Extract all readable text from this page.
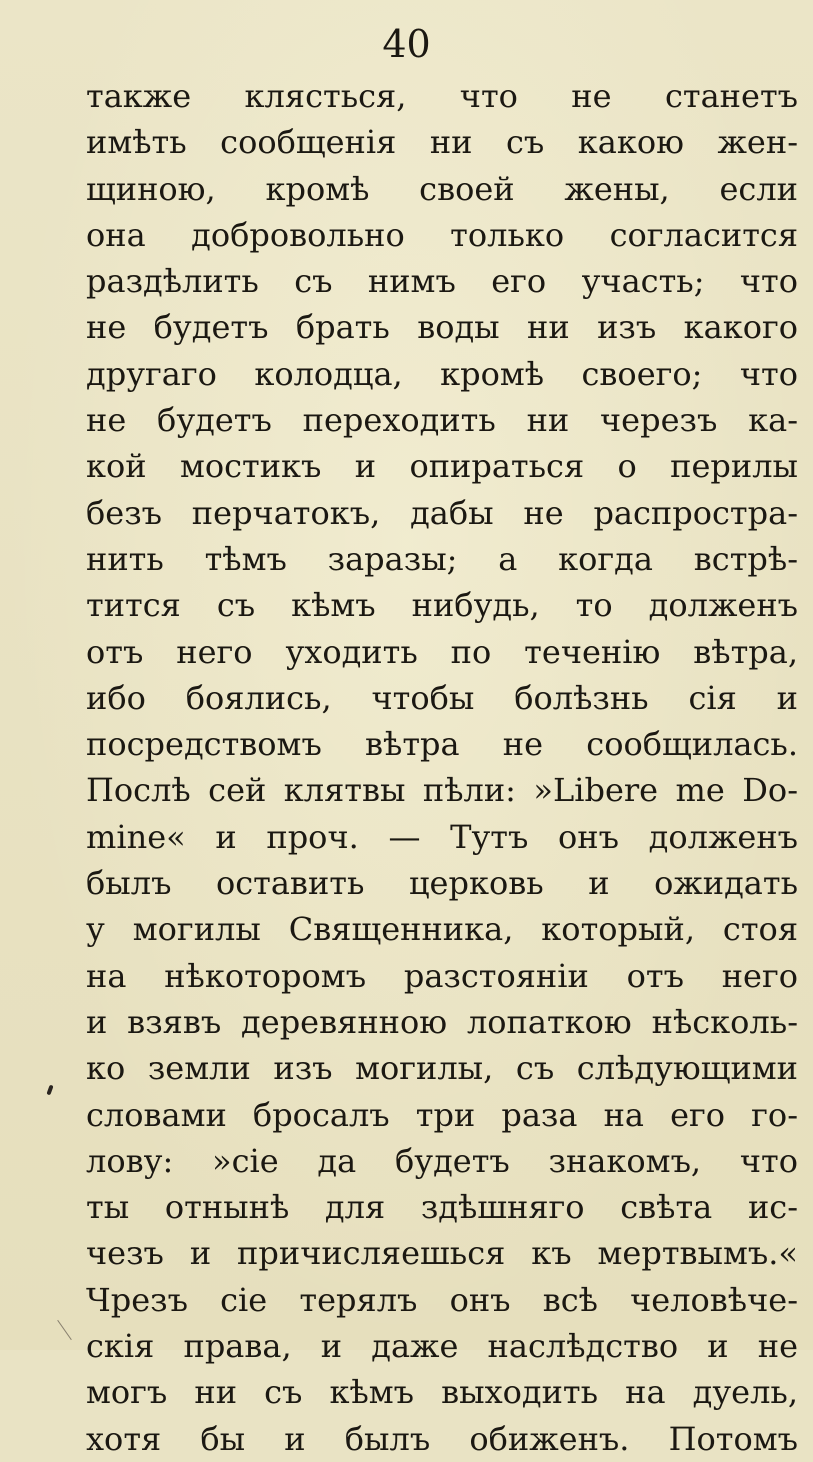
40
также клясться, что не станетъ
имѣть сообщенія ни съ какою жен-
щиною, кромѣ своей жены, если
она добровольно только согласится
раздѣлить съ нимъ его участь; что
не будетъ брать воды ни изъ какого
другаго колодца, кромѣ своего; что
не будетъ переходить ни черезъ ка-
кой мостикъ и опираться о перилы
безъ перчатокъ, дабы не распростра-
нить тѣмъ заразы; а когда встрѣ-
тится съ кѣмъ нибудь, то долженъ
отъ него уходить по теченію вѣтра,
ибо боялись, чтобы болѣзнь сія и
посредствомъ вѣтра не сообщилась.
Послѣ сей клятвы пѣли: »Libere me Do-
mine« и проч. — Тутъ онъ долженъ
былъ оставить церковь и ожидать
у могилы Священника, который, стоя
на нѣкоторомъ разстояніи отъ него
и взявъ деревянною лопаткою нѣсколь-
ко земли изъ могилы, съ слѣдующими
словами бросалъ три раза на его го-
лову: »сіе да будетъ знакомъ, что
ты отнынѣ для здѣшняго свѣта ис-
чезъ и причисляешься къ мертвымъ.«
Чрезъ сіе терялъ онъ всѣ человѣче-
скія права, и даже наслѣдство и не
могъ ни съ кѣмъ выходить на дуель,
хотя бы и былъ обиженъ. Потомъ
